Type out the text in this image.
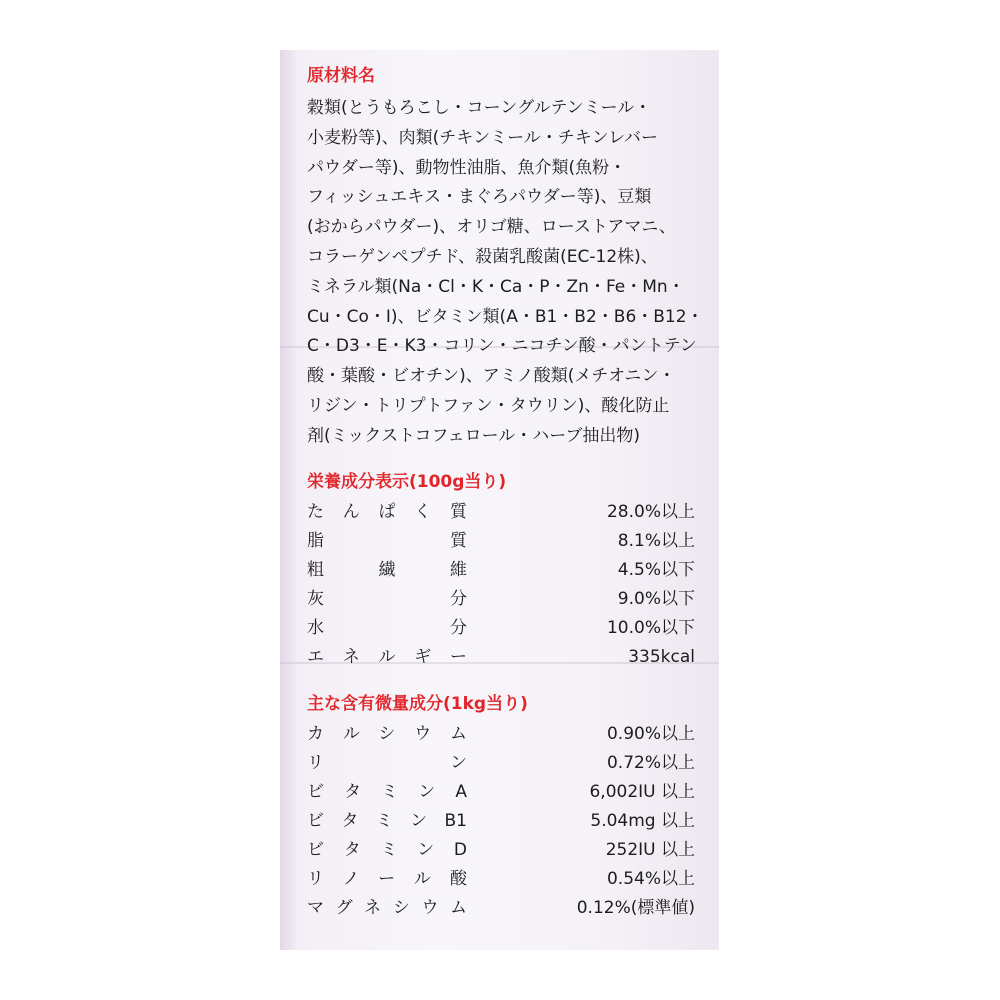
原材料名
穀類(とうもろこし・コーングルテンミール・
小麦粉等)、肉類(チキンミール・チキンレバー
パウダー等)、動物性油脂、魚介類(魚粉・
フィッシュエキス・まぐろパウダー等)、豆類
(おからパウダー)、オリゴ糖、ローストアマニ、
コラーゲンペプチド、殺菌乳酸菌(EC-12株)、
ミネラル類(Na・Cl・K・Ca・P・Zn・Fe・Mn・
Cu・Co・I)、ビタミン類(A・B1・B2・B6・B12・
C・D3・E・K3・コリン・ニコチン酸・パントテン
酸・葉酸・ビオチン)、アミノ酸類(メチオニン・
リジン・トリプトファン・タウリン)、酸化防止
剤(ミックストコフェロール・ハーブ抽出物)
栄養成分表示(100g当り)
たんぱく質	28.0%以上
脂質	8.1%以上
粗繊維	4.5%以下
灰分	9.0%以下
水分	10.0%以下
エネルギー	335kcal
主な含有微量成分(1kg当り)
カルシウム	0.90%以上
リン	0.72%以上
ビタミンA	6,002IU 以上
ビタミンB1	5.04mg 以上
ビタミンD	252IU 以上
リノール酸	0.54%以上
マグネシウム	0.12%(標準値)
